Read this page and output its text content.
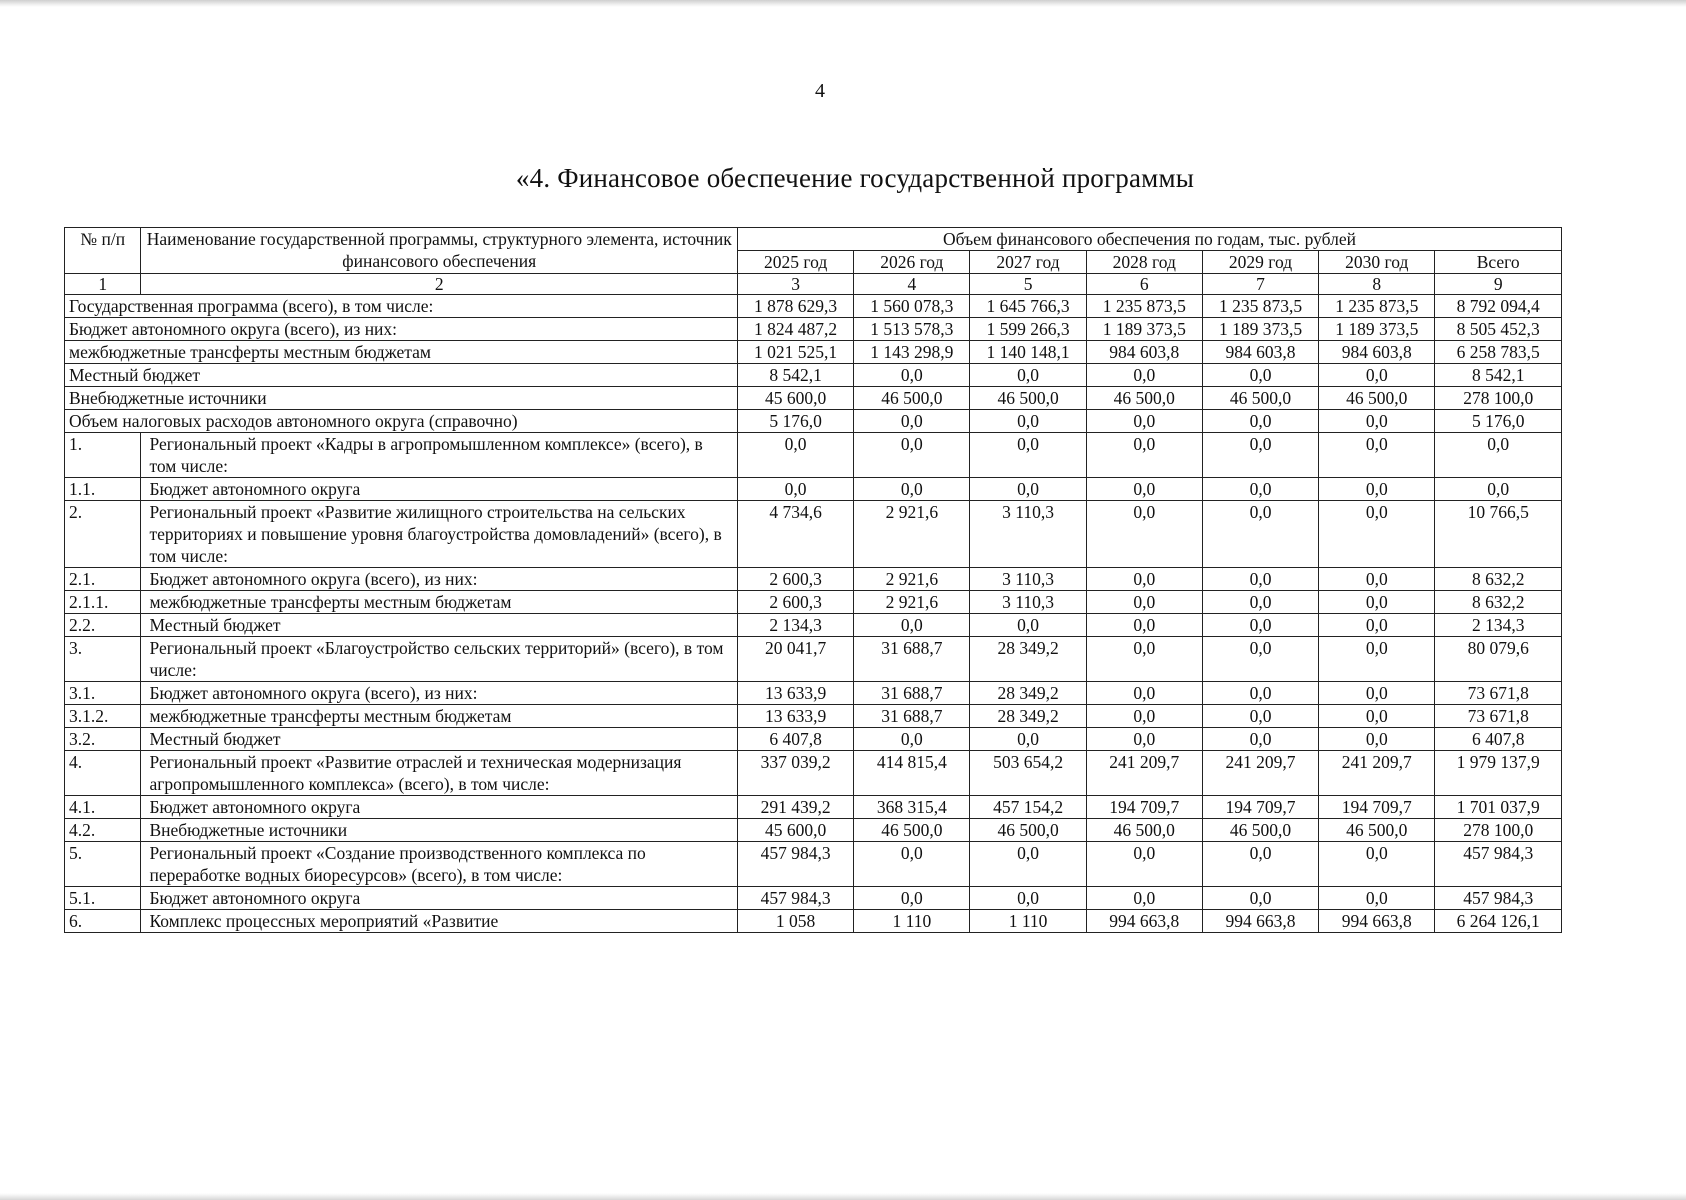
4
«4. Финансовое обеспечение государственной программы
№ п/п	Наименование государственной программы, структурного элемента, источник финансового обеспечения	Объем финансового обеспечения по годам, тыс. рублей						
		2025 год	2026 год	2027 год	2028 год	2029 год	2030 год	Всего
1	2	3	4	5	6	7	8	9
Государственная программа (всего), в том числе:		1 878 629,3	1 560 078,3	1 645 766,3	1 235 873,5	1 235 873,5	1 235 873,5	8 792 094,4
Бюджет автономного округа (всего), из них:		1 824 487,2	1 513 578,3	1 599 266,3	1 189 373,5	1 189 373,5	1 189 373,5	8 505 452,3
межбюджетные трансферты местным бюджетам		1 021 525,1	1 143 298,9	1 140 148,1	984 603,8	984 603,8	984 603,8	6 258 783,5
Местный бюджет		8 542,1	0,0	0,0	0,0	0,0	0,0	8 542,1
Внебюджетные источники		45 600,0	46 500,0	46 500,0	46 500,0	46 500,0	46 500,0	278 100,0
Объем налоговых расходов автономного округа (справочно)		5 176,0	0,0	0,0	0,0	0,0	0,0	5 176,0
1.	Региональный проект «Кадры в агропромышленном комплексе» (всего), в том числе:	0,0	0,0	0,0	0,0	0,0	0,0	0,0
1.1.	Бюджет автономного округа	0,0	0,0	0,0	0,0	0,0	0,0	0,0
2.	Региональный проект «Развитие жилищного строительства на сельских территориях и повышение уровня благоустройства домовладений» (всего), в том числе:	4 734,6	2 921,6	3 110,3	0,0	0,0	0,0	10 766,5
2.1.	Бюджет автономного округа (всего), из них:	2 600,3	2 921,6	3 110,3	0,0	0,0	0,0	8 632,2
2.1.1.	межбюджетные трансферты местным бюджетам	2 600,3	2 921,6	3 110,3	0,0	0,0	0,0	8 632,2
2.2.	Местный бюджет	2 134,3	0,0	0,0	0,0	0,0	0,0	2 134,3
3.	Региональный проект «Благоустройство сельских территорий» (всего), в том числе:	20 041,7	31 688,7	28 349,2	0,0	0,0	0,0	80 079,6
3.1.	Бюджет автономного округа (всего), из них:	13 633,9	31 688,7	28 349,2	0,0	0,0	0,0	73 671,8
3.1.2.	межбюджетные трансферты местным бюджетам	13 633,9	31 688,7	28 349,2	0,0	0,0	0,0	73 671,8
3.2.	Местный бюджет	6 407,8	0,0	0,0	0,0	0,0	0,0	6 407,8
4.	Региональный проект «Развитие отраслей и техническая модернизация агропромышленного комплекса» (всего), в том числе:	337 039,2	414 815,4	503 654,2	241 209,7	241 209,7	241 209,7	1 979 137,9
4.1.	Бюджет автономного округа	291 439,2	368 315,4	457 154,2	194 709,7	194 709,7	194 709,7	1 701 037,9
4.2.	Внебюджетные источники	45 600,0	46 500,0	46 500,0	46 500,0	46 500,0	46 500,0	278 100,0
5.	Региональный проект «Создание производственного комплекса по переработке водных биоресурсов» (всего), в том числе:	457 984,3	0,0	0,0	0,0	0,0	0,0	457 984,3
5.1.	Бюджет автономного округа	457 984,3	0,0	0,0	0,0	0,0	0,0	457 984,3
6.	Комплекс процессных мероприятий «Развитие	1 058	1 110	1 110	994 663,8	994 663,8	994 663,8	6 264 126,1
